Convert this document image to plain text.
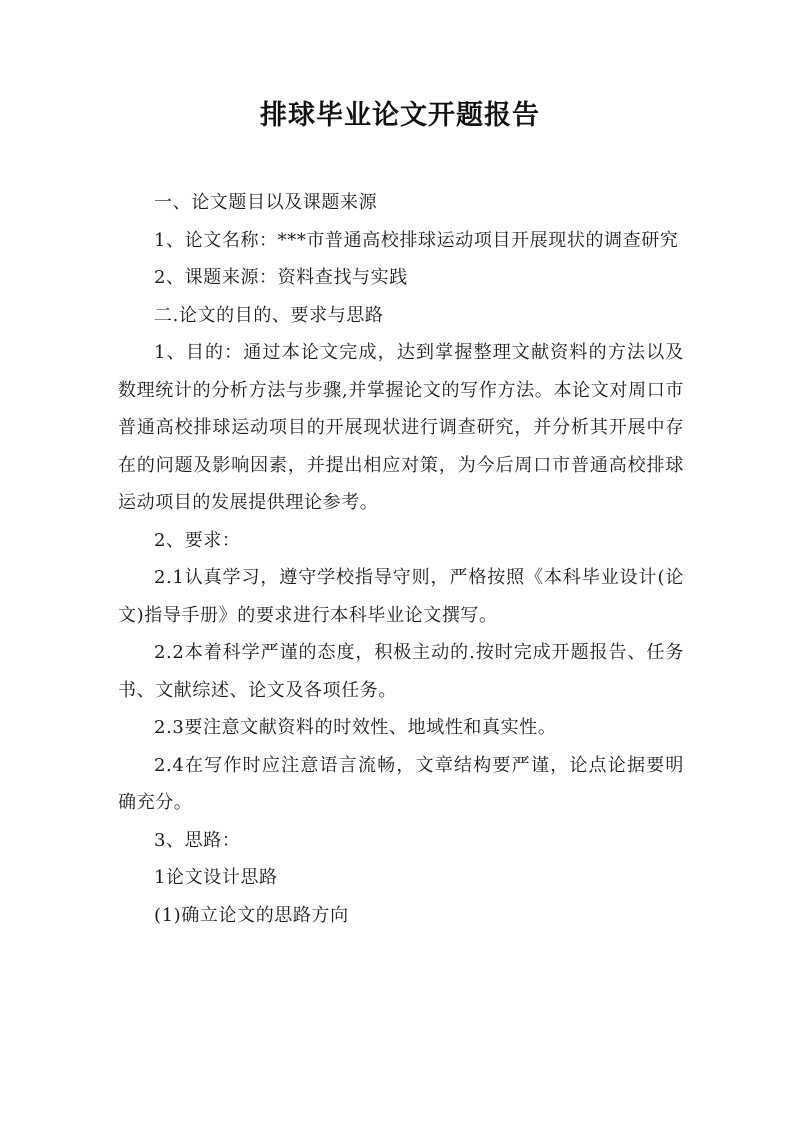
排球毕业论文开题报告

一、论文题目以及课题来源

1、论文名称：***市普通高校排球运动项目开展现状的调查研究

2、课题来源：资料查找与实践

二.论文的目的、要求与思路

1、目的：通过本论文完成，达到掌握整理文献资料的方法以及数理统计的分析方法与步骤,并掌握论文的写作方法。本论文对周口市普通高校排球运动项目的开展现状进行调查研究，并分析其开展中存在的问题及影响因素，并提出相应对策，为今后周口市普通高校排球运动项目的发展提供理论参考。

2、要求：

2.1认真学习，遵守学校指导守则，严格按照《本科毕业设计(论文)指导手册》的要求进行本科毕业论文撰写。

2.2本着科学严谨的态度，积极主动的.按时完成开题报告、任务书、文献综述、论文及各项任务。

2.3要注意文献资料的时效性、地域性和真实性。

2.4在写作时应注意语言流畅，文章结构要严谨，论点论据要明确充分。

3、思路：

1论文设计思路

(1)确立论文的思路方向
